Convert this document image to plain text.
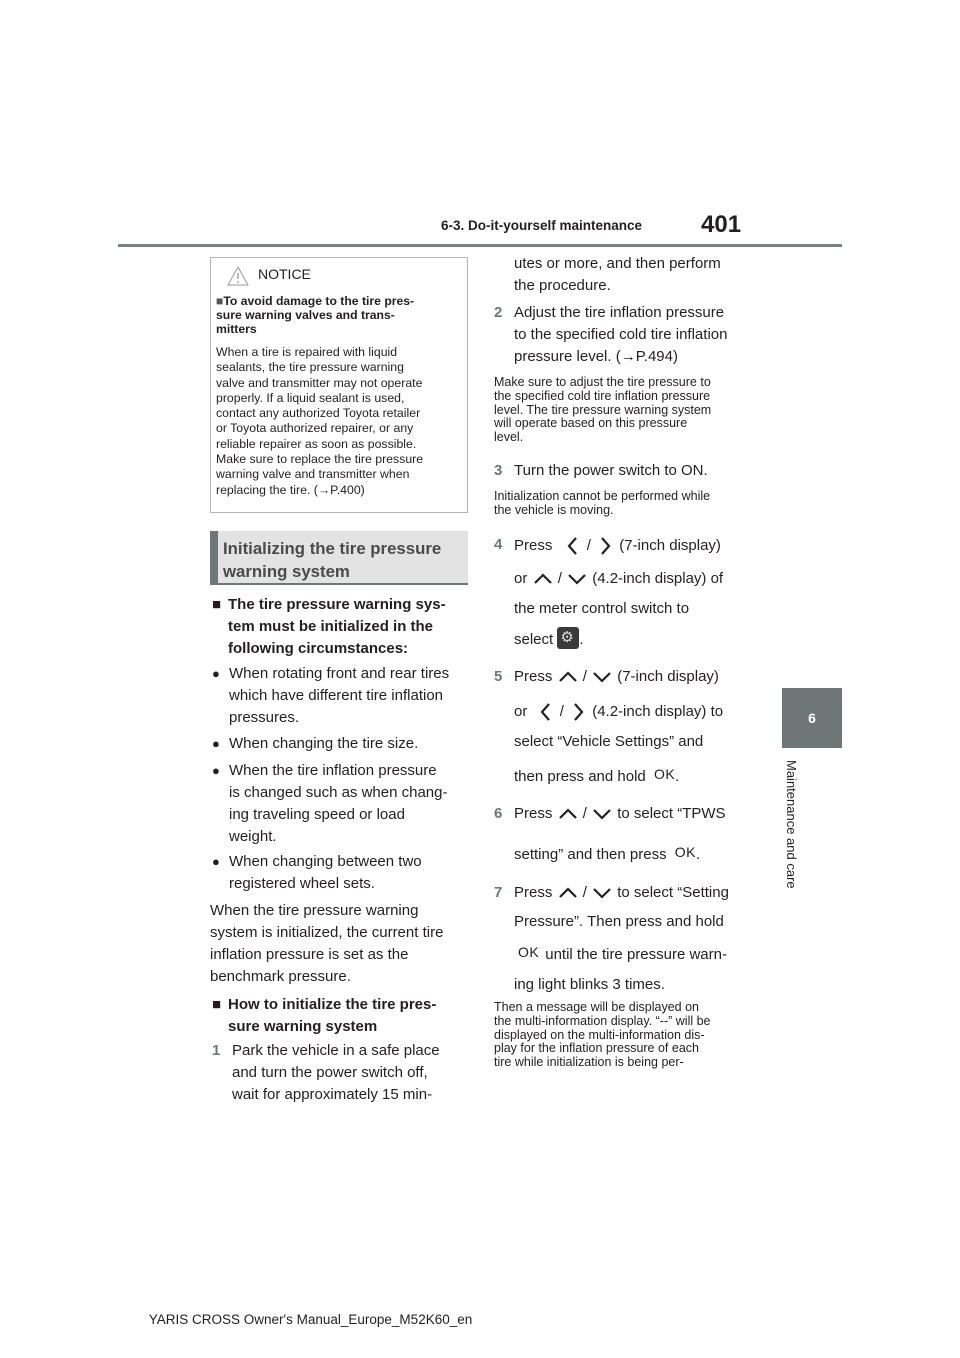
6-3. Do-it-yourself maintenance 401
6
Maintenance and care
NOTICE
■To avoid damage to the tire pres-
sure warning valves and trans-
mitters
When a tire is repaired with liquid
sealants, the tire pressure warning
valve and transmitter may not operate
properly. If a liquid sealant is used,
contact any authorized Toyota retailer
or Toyota authorized repairer, or any
reliable repairer as soon as possible.
Make sure to replace the tire pressure
warning valve and transmitter when
replacing the tire. (→P.400)
Initializing the tire pressure
warning system
■ The tire pressure warning sys-
tem must be initialized in the
following circumstances:
● When rotating front and rear tires
which have different tire inflation
pressures.
● When changing the tire size.
● When the tire inflation pressure
is changed such as when chang-
ing traveling speed or load
weight.
● When changing between two
registered wheel sets.
When the tire pressure warning
system is initialized, the current tire
inflation pressure is set as the
benchmark pressure.
■ How to initialize the tire pres-
sure warning system
1 Park the vehicle in a safe place
and turn the power switch off,
wait for approximately 15 min-
utes or more, and then perform
the procedure.
2 Adjust the tire inflation pressure
to the specified cold tire inflation
pressure level. (→P.494)
Make sure to adjust the tire pressure to
the specified cold tire inflation pressure
level. The tire pressure warning system
will operate based on this pressure
level.
3 Turn the power switch to ON.
Initialization cannot be performed while
the vehicle is moving.
4 Press / (7-inch display)
or / (4.2-inch display) of
the meter control switch to
select ⚙ .
5 Press / (7-inch display)
or / (4.2-inch display) to
select “Vehicle Settings” and
then press and hold OK.
6 Press / to select “TPWS
setting” and then press OK.
7 Press / to select “Setting
Pressure”. Then press and hold
OK until the tire pressure warn-
ing light blinks 3 times.
Then a message will be displayed on
the multi-information display. “--” will be
displayed on the multi-information dis-
play for the inflation pressure of each
tire while initialization is being per-
YARIS CROSS Owner's Manual_Europe_M52K60_en
